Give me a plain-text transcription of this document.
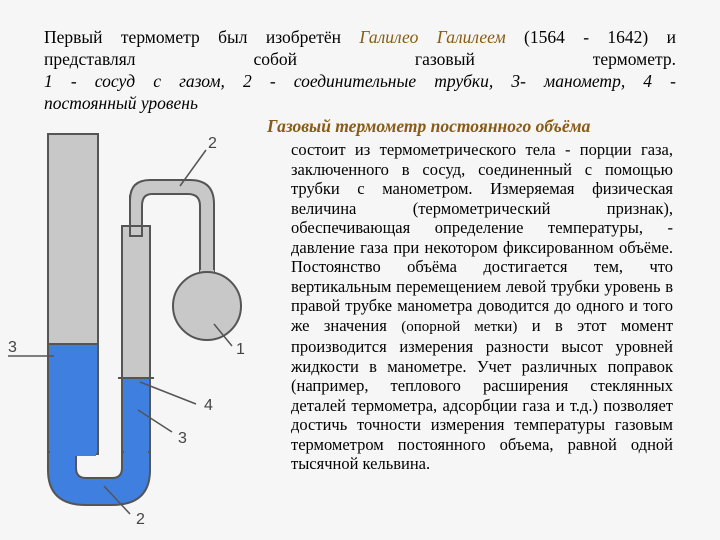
Первый термометр был изобретён Галилео Галилеем (1564 - 1642) и

представлял собой газовый термометр.

1 - сосуд с газом, 2 - соединительные трубки, 3- манометр, 4 -

постоянный уровень

2
1
3
4
3
2
Газовый термометр постоянного объёма
состоит из термометрического тела - порции газа, заключенного в сосуд, соединенный с помощью трубки с манометром. Измеряемая физическая величина (термометрический признак), обеспечивающая определение температуры, - давление газа при некотором фиксированном объёме. Постоянство объёма достигается тем, что вертикальным перемещением левой трубки уровень в правой трубке манометра доводится до одного и того же значения (опорной метки) и в этот момент производится измерения разности высот уровней жидкости в манометре. Учет различных поправок (например, теплового расширения стеклянных деталей термометра, адсорбции газа и т.д.) позволяет достичь точности измерения температуры газовым термометром постоянного объема, равной одной тысячной кельвина.
